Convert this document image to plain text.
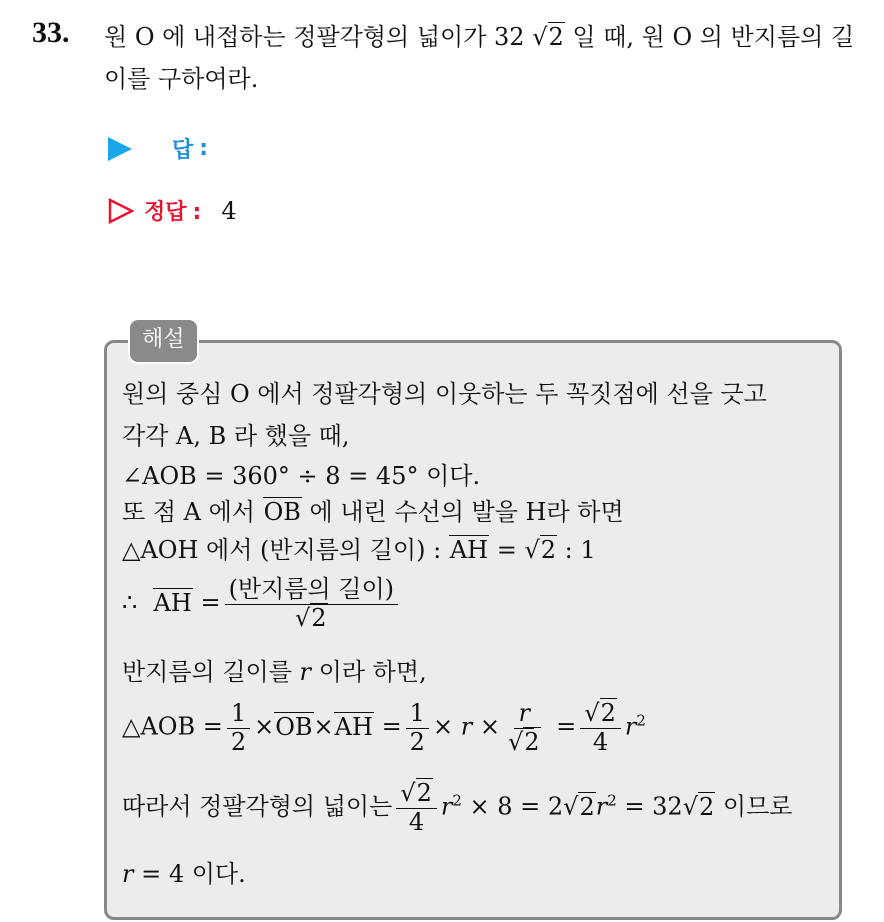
33. 원 O 에 내접하는 정팔각형의 넓이가 32 √2 일 때, 원 O 의 반지름의 길이를 구하여라.
답 :
정답 : 4
해설
원의 중심 O 에서 정팔각형의 이웃하는 두 꼭짓점에 선을 긋고
각각 A, B 라 했을 때,
∠AOB = 360° ÷ 8 = 45° 이다.
또 점 A 에서 OB 에 내린 수선의 발을 H라 하면
△AOH 에서 (반지름의 길이) : AH = √2 : 1
∴ AH = $\frac{\text{(반지름의 길이)}}{√2}$
반지름의 길이를 r 이라 하면,
△AOB = $\frac{1}{2} \times OB\times AH = \frac{1}{2} \times r \times \frac{r}{√2} = \frac{√2}{4} r^2$
따라서 정팔각형의 넓이는 $\frac{√2}{4} r^2 \times 8 = 2√2r^2 = 32√2$ 이므로
r = 4 이다.
